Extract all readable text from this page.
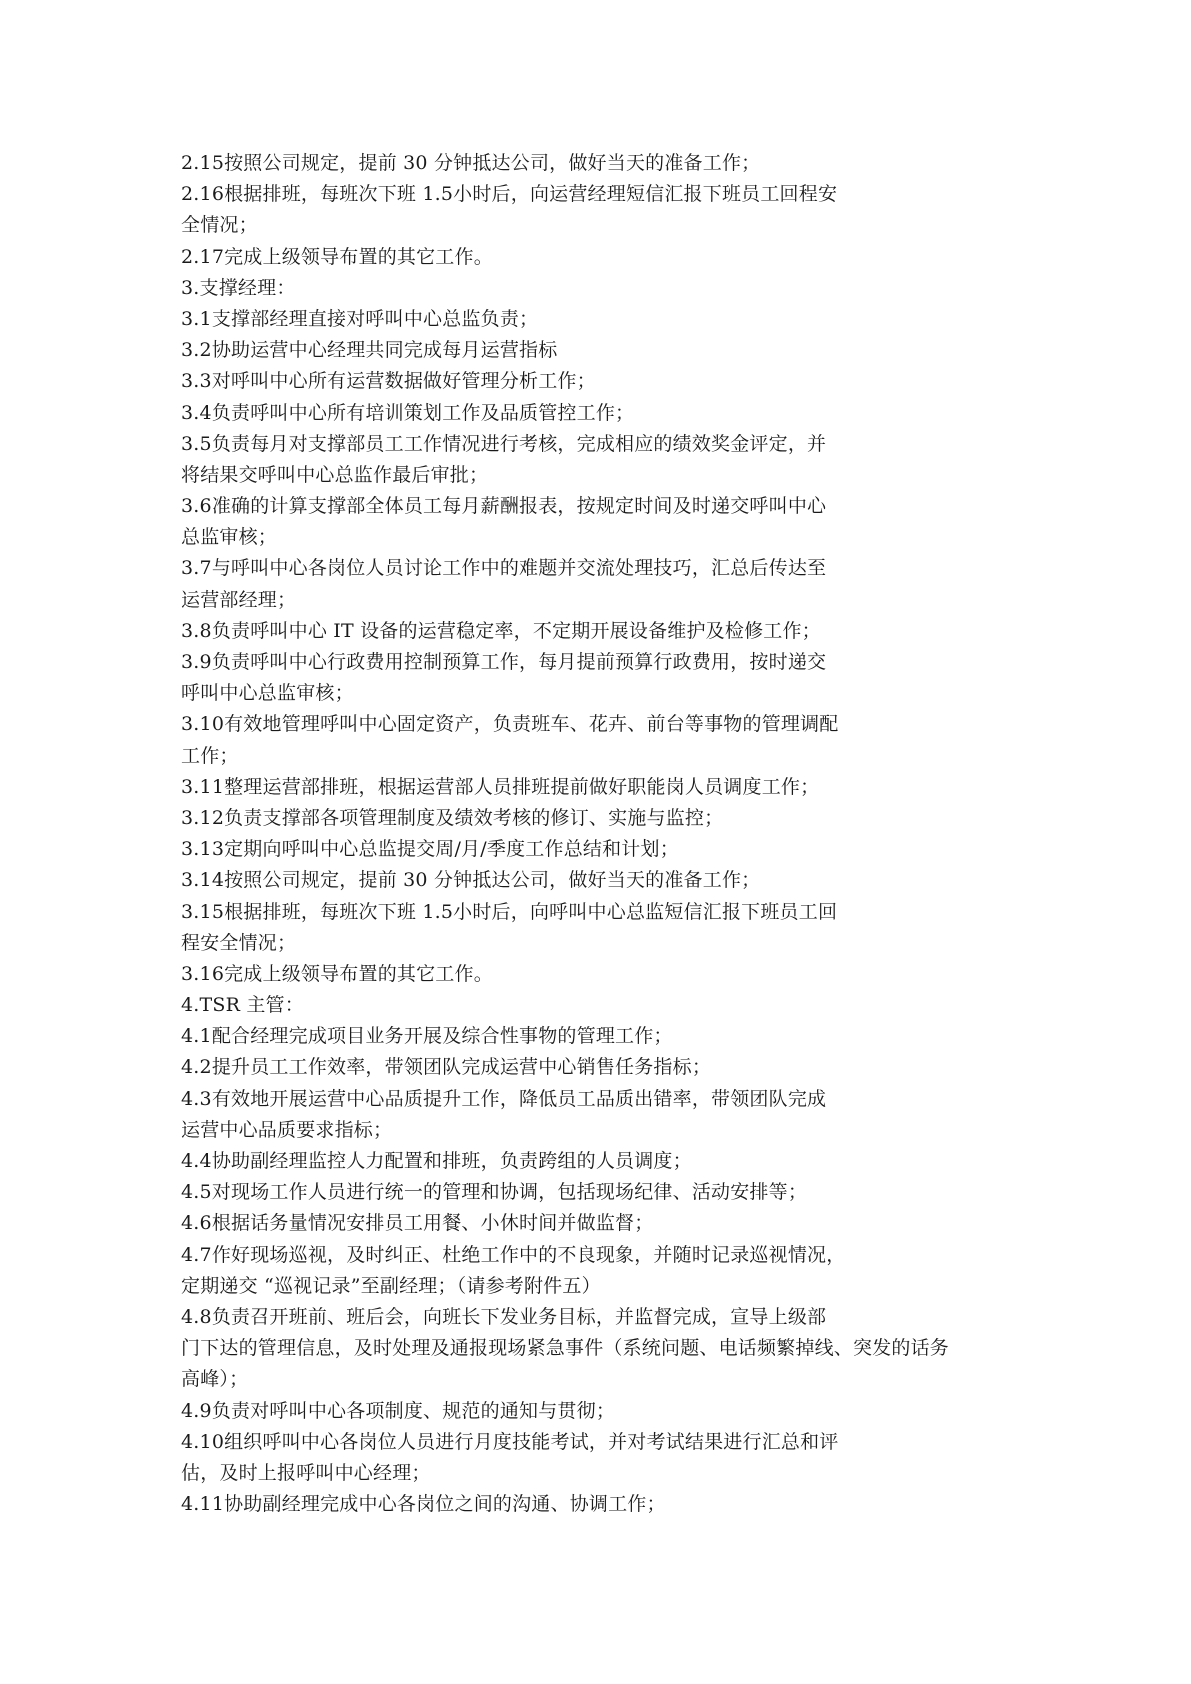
2.15按照公司规定，提前 30 分钟抵达公司，做好当天的准备工作；
2.16根据排班，每班次下班 1.5小时后，向运营经理短信汇报下班员工回程安
全情况；
2.17完成上级领导布置的其它工作。
3.支撑经理：
3.1支撑部经理直接对呼叫中心总监负责；
3.2协助运营中心经理共同完成每月运营指标
3.3对呼叫中心所有运营数据做好管理分析工作；
3.4负责呼叫中心所有培训策划工作及品质管控工作；
3.5负责每月对支撑部员工工作情况进行考核，完成相应的绩效奖金评定，并
将结果交呼叫中心总监作最后审批；
3.6准确的计算支撑部全体员工每月薪酬报表，按规定时间及时递交呼叫中心
总监审核；
3.7与呼叫中心各岗位人员讨论工作中的难题并交流处理技巧，汇总后传达至
运营部经理；
3.8负责呼叫中心 IT 设备的运营稳定率，不定期开展设备维护及检修工作；
3.9负责呼叫中心行政费用控制预算工作，每月提前预算行政费用，按时递交
呼叫中心总监审核；
3.10有效地管理呼叫中心固定资产，负责班车、花卉、前台等事物的管理调配
工作；
3.11整理运营部排班，根据运营部人员排班提前做好职能岗人员调度工作；
3.12负责支撑部各项管理制度及绩效考核的修订、实施与监控；
3.13定期向呼叫中心总监提交周/月/季度工作总结和计划；
3.14按照公司规定，提前 30 分钟抵达公司，做好当天的准备工作；
3.15根据排班，每班次下班 1.5小时后，向呼叫中心总监短信汇报下班员工回
程安全情况；
3.16完成上级领导布置的其它工作。
4.TSR 主管：
4.1配合经理完成项目业务开展及综合性事物的管理工作；
4.2提升员工工作效率，带领团队完成运营中心销售任务指标；
4.3有效地开展运营中心品质提升工作，降低员工品质出错率，带领团队完成
运营中心品质要求指标；
4.4协助副经理监控人力配置和排班，负责跨组的人员调度；
4.5对现场工作人员进行统一的管理和协调，包括现场纪律、活动安排等；
4.6根据话务量情况安排员工用餐、小休时间并做监督；
4.7作好现场巡视，及时纠正、杜绝工作中的不良现象，并随时记录巡视情况，
定期递交 “巡视记录”至副经理；（请参考附件五）
4.8负责召开班前、班后会，向班长下发业务目标，并监督完成，宣导上级部
门下达的管理信息，及时处理及通报现场紧急事件（系统问题、电话频繁掉线、突发的话务
高峰）；
4.9负责对呼叫中心各项制度、规范的通知与贯彻；
4.10组织呼叫中心各岗位人员进行月度技能考试，并对考试结果进行汇总和评
估，及时上报呼叫中心经理；
4.11协助副经理完成中心各岗位之间的沟通、协调工作；
